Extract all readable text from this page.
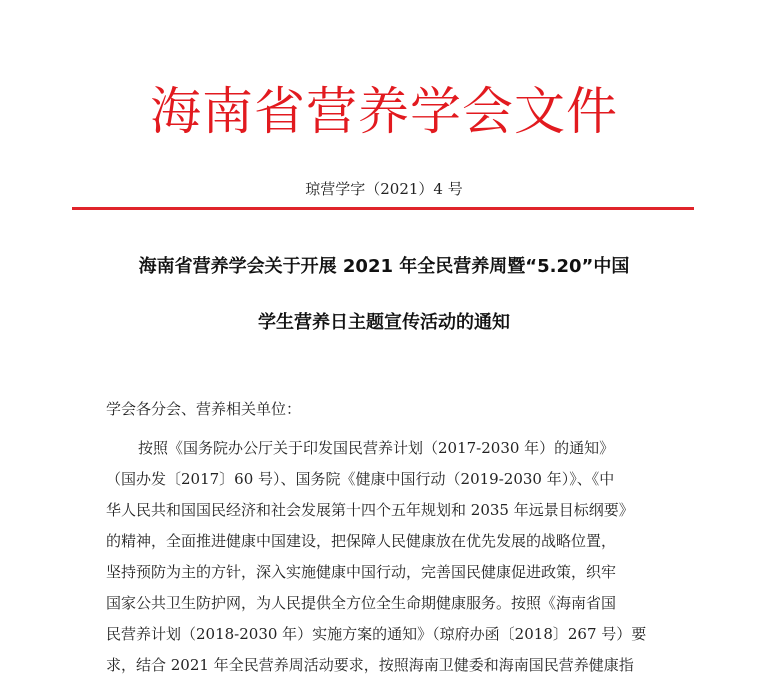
海南省营养学会文件
琼营学字（2021）4 号
海南省营养学会关于开展 2021 年全民营养周暨“5.20”中国
学生营养日主题宣传活动的通知
学会各分会、营养相关单位：
按照《国务院办公厅关于印发国民营养计划（2017-2030 年）的通知》
（国办发〔2017〕60 号）、国务院《健康中国行动（2019-2030 年）》、《中
华人民共和国国民经济和社会发展第十四个五年规划和 2035 年远景目标纲要》
的精神，全面推进健康中国建设，把保障人民健康放在优先发展的战略位置，
坚持预防为主的方针，深入实施健康中国行动，完善国民健康促进政策，织牢
国家公共卫生防护网，为人民提供全方位全生命期健康服务。按照《海南省国
民营养计划（2018-2030 年）实施方案的通知》（琼府办函〔2018〕267 号）要
求，结合 2021 年全民营养周活动要求，按照海南卫健委和海南国民营养健康指
